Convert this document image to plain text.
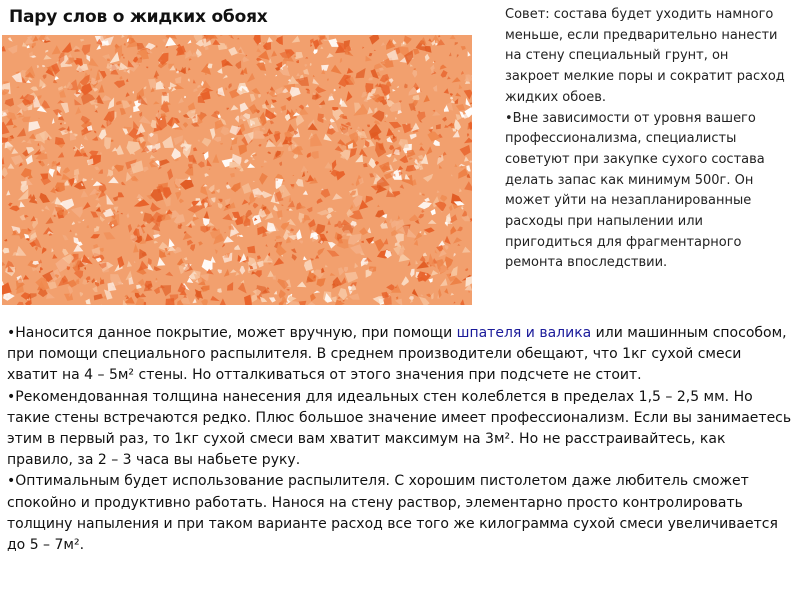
Пару слов о жидких обоях	Совет: состава будет уходить намного меньше, если предварительно нанести на стену специальный грунт, он закроет мелкие поры и сократит расход жидких обоев.

• Вне зависимости от уровня вашего профессионализма, специалисты советуют при закупке сухого состава делать запас как минимум 500г. Он может уйти на незапланированные расходы при напылении или пригодиться для фрагментарного ремонта впоследствии.

• Наносится данное покрытие, может вручную, при помощи шпателя и валика или машинным способом, при помощи специального распылителя. В среднем производители обещают, что 1кг сухой смеси хватит на 4 – 5м² стены. Но отталкиваться от этого значения при подсчете не стоит.

• Рекомендованная толщина нанесения для идеальных стен колеблется в пределах 1,5 – 2,5 мм. Но такие стены встречаются редко. Плюс большое значение имеет профессионализм. Если вы занимаетесь этим в первый раз, то 1кг сухой смеси вам хватит максимум на 3м². Но не расстраивайтесь, как правило, за 2 – 3 часа вы набьете руку.

• Оптимальным будет использование распылителя. С хорошим пистолетом даже любитель сможет спокойно и продуктивно работать. Нанося на стену раствор, элементарно просто контролировать толщину напыления и при таком варианте расход все того же килограмма сухой смеси увеличивается до 5 – 7м².
